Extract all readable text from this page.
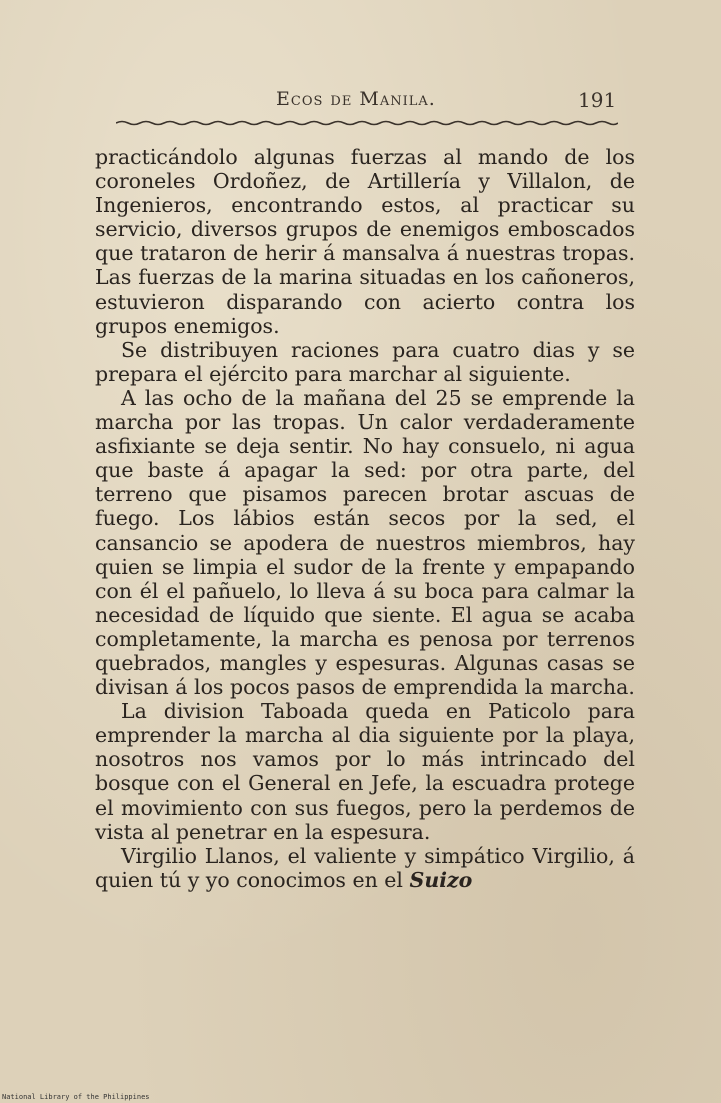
Ecos de Manila.	191

practicándolo algunas fuerzas al mando de los coroneles Ordoñez, de Artillería y Villalon, de Ingenieros, encontrando estos, al practicar su servicio, diversos grupos de enemigos emboscados que trataron de herir á mansalva á nuestras tropas. Las fuerzas de la marina situadas en los cañoneros, estuvieron disparando con acierto contra los grupos enemigos.

Se distribuyen raciones para cuatro dias y se prepara el ejército para marchar al siguiente.

A las ocho de la mañana del 25 se emprende la marcha por las tropas. Un calor verdaderamente asfixiante se deja sentir. No hay consuelo, ni agua que baste á apagar la sed: por otra parte, del terreno que pisamos parecen brotar ascuas de fuego. Los lábios están secos por la sed, el cansancio se apodera de nuestros miembros, hay quien se limpia el sudor de la frente y empapando con él el pañuelo, lo lleva á su boca para calmar la necesidad de líquido que siente. El agua se acaba completamente, la marcha es penosa por terrenos quebrados, mangles y espesuras. Algunas casas se divisan á los pocos pasos de emprendida la marcha.

La division Taboada queda en Paticolo para emprender la marcha al dia siguiente por la playa, nosotros nos vamos por lo más intrincado del bosque con el General en Jefe, la escuadra protege el movimiento con sus fuegos, pero la perdemos de vista al penetrar en la espesura.

Virgilio Llanos, el valiente y simpático Virgilio, á quien tú y yo conocimos en el Suizo

National Library of the Philippines
